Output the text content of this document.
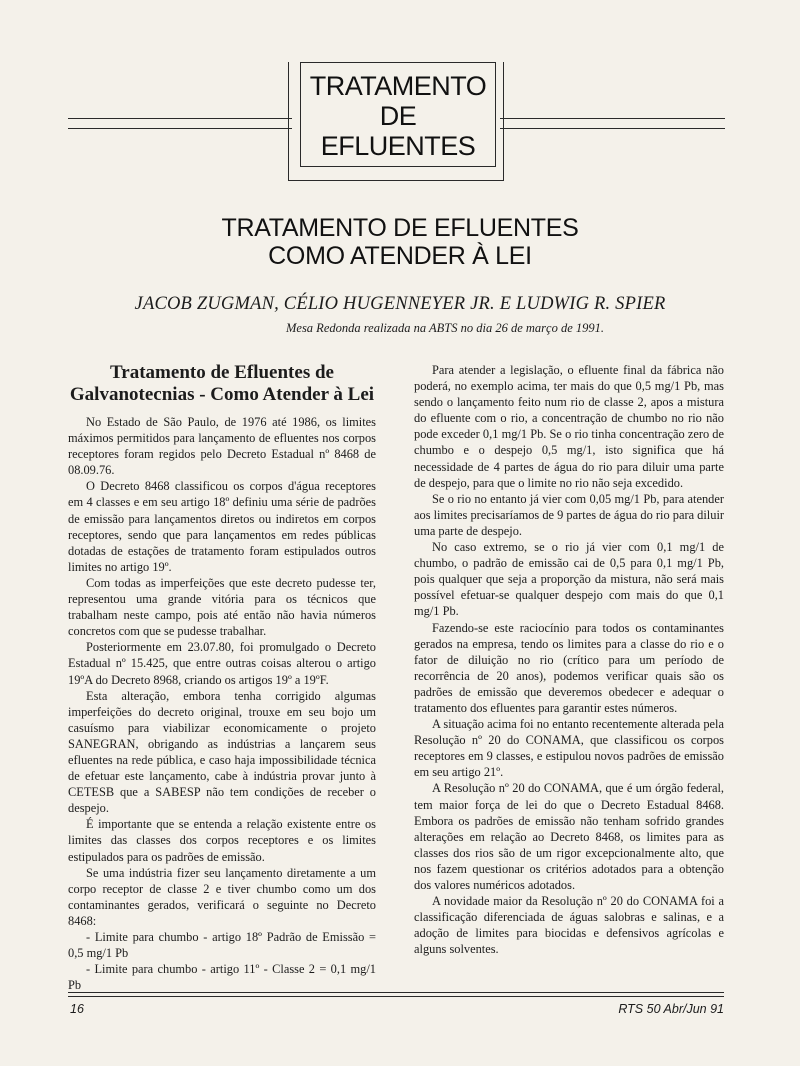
TRATAMENTO
DE
EFLUENTES
TRATAMENTO DE EFLUENTES
COMO ATENDER À LEI
JACOB ZUGMAN, CÉLIO HUGENNEYER JR. E LUDWIG R. SPIER
Mesa Redonda realizada na ABTS no dia 26 de março de 1991.
Tratamento de Efluentes de
Galvanotecnias - Como Atender à Lei

No Estado de São Paulo, de 1976 até 1986, os limites máximos permitidos para lançamento de efluentes nos corpos receptores foram regidos pelo Decreto Estadual nº 8468 de 08.09.76.

O Decreto 8468 classificou os corpos d'água receptores em 4 classes e em seu artigo 18º definiu uma série de padrões de emissão para lançamentos diretos ou indiretos em corpos receptores, sendo que para lançamentos em redes públicas dotadas de estações de tratamento foram estipulados outros limites no artigo 19º.

Com todas as imperfeições que este decreto pudesse ter, representou uma grande vitória para os técnicos que trabalham neste campo, pois até então não havia números concretos com que se pudesse trabalhar.

Posteriormente em 23.07.80, foi promulgado o Decreto Estadual nº 15.425, que entre outras coisas alterou o artigo 19ºA do Decreto 8968, criando os artigos 19º a 19ºF.

Esta alteração, embora tenha corrigido algumas imperfeições do decreto original, trouxe em seu bojo um casuísmo para viabilizar economicamente o projeto SANEGRAN, obrigando as indústrias a lançarem seus efluentes na rede pública, e caso haja impossibilidade técnica de efetuar este lançamento, cabe à indústria provar junto à CETESB que a SABESP não tem condições de receber o despejo.

É importante que se entenda a relação existente entre os limites das classes dos corpos receptores e os limites estipulados para os padrões de emissão.

Se uma indústria fizer seu lançamento diretamente a um corpo receptor de classe 2 e tiver chumbo como um dos contaminantes gerados, verificará o seguinte no Decreto 8468:

- Limite para chumbo - artigo 18º Padrão de Emissão = 0,5 mg/1 Pb

- Limite para chumbo - artigo 11º - Classe 2 = 0,1 mg/1 Pb

Para atender a legislação, o efluente final da fábrica não poderá, no exemplo acima, ter mais do que 0,5 mg/1 Pb, mas sendo o lançamento feito num rio de classe 2, apos a mistura do efluente com o rio, a concentração de chumbo no rio não pode exceder 0,1 mg/1 Pb. Se o rio tinha concentração zero de chumbo e o despejo 0,5 mg/1, isto significa que há necessidade de 4 partes de água do rio para diluir uma parte de despejo, para que o limite no rio não seja excedido.

Se o rio no entanto já vier com 0,05 mg/1 Pb, para atender aos limites precisaríamos de 9 partes de água do rio para diluir uma parte de despejo.

No caso extremo, se o rio já vier com 0,1 mg/1 de chumbo, o padrão de emissão cai de 0,5 para 0,1 mg/1 Pb, pois qualquer que seja a proporção da mistura, não será mais possível efetuar-se qualquer despejo com mais do que 0,1 mg/1 Pb.

Fazendo-se este raciocínio para todos os contaminantes gerados na empresa, tendo os limites para a classe do rio e o fator de diluição no rio (crítico para um período de recorrência de 20 anos), podemos verificar quais são os padrões de emissão que deveremos obedecer e adequar o tratamento dos efluentes para garantir estes números.

A situação acima foi no entanto recentemente alterada pela Resolução nº 20 do CONAMA, que classificou os corpos receptores em 9 classes, e estipulou novos padrões de emissão em seu artigo 21º.

A Resolução nº 20 do CONAMA, que é um órgão federal, tem maior força de lei do que o Decreto Estadual 8468. Embora os padrões de emissão não tenham sofrido grandes alterações em relação ao Decreto 8468, os limites para as classes dos rios são de um rigor excepcionalmente alto, que nos fazem questionar os critérios adotados para a obtenção dos valores numéricos adotados.

A novidade maior da Resolução nº 20 do CONAMA foi a classificação diferenciada de águas salobras e salinas, e a adoção de limites para biocidas e defensivos agrícolas e alguns solventes.

16	RTS 50 Abr/Jun 91
